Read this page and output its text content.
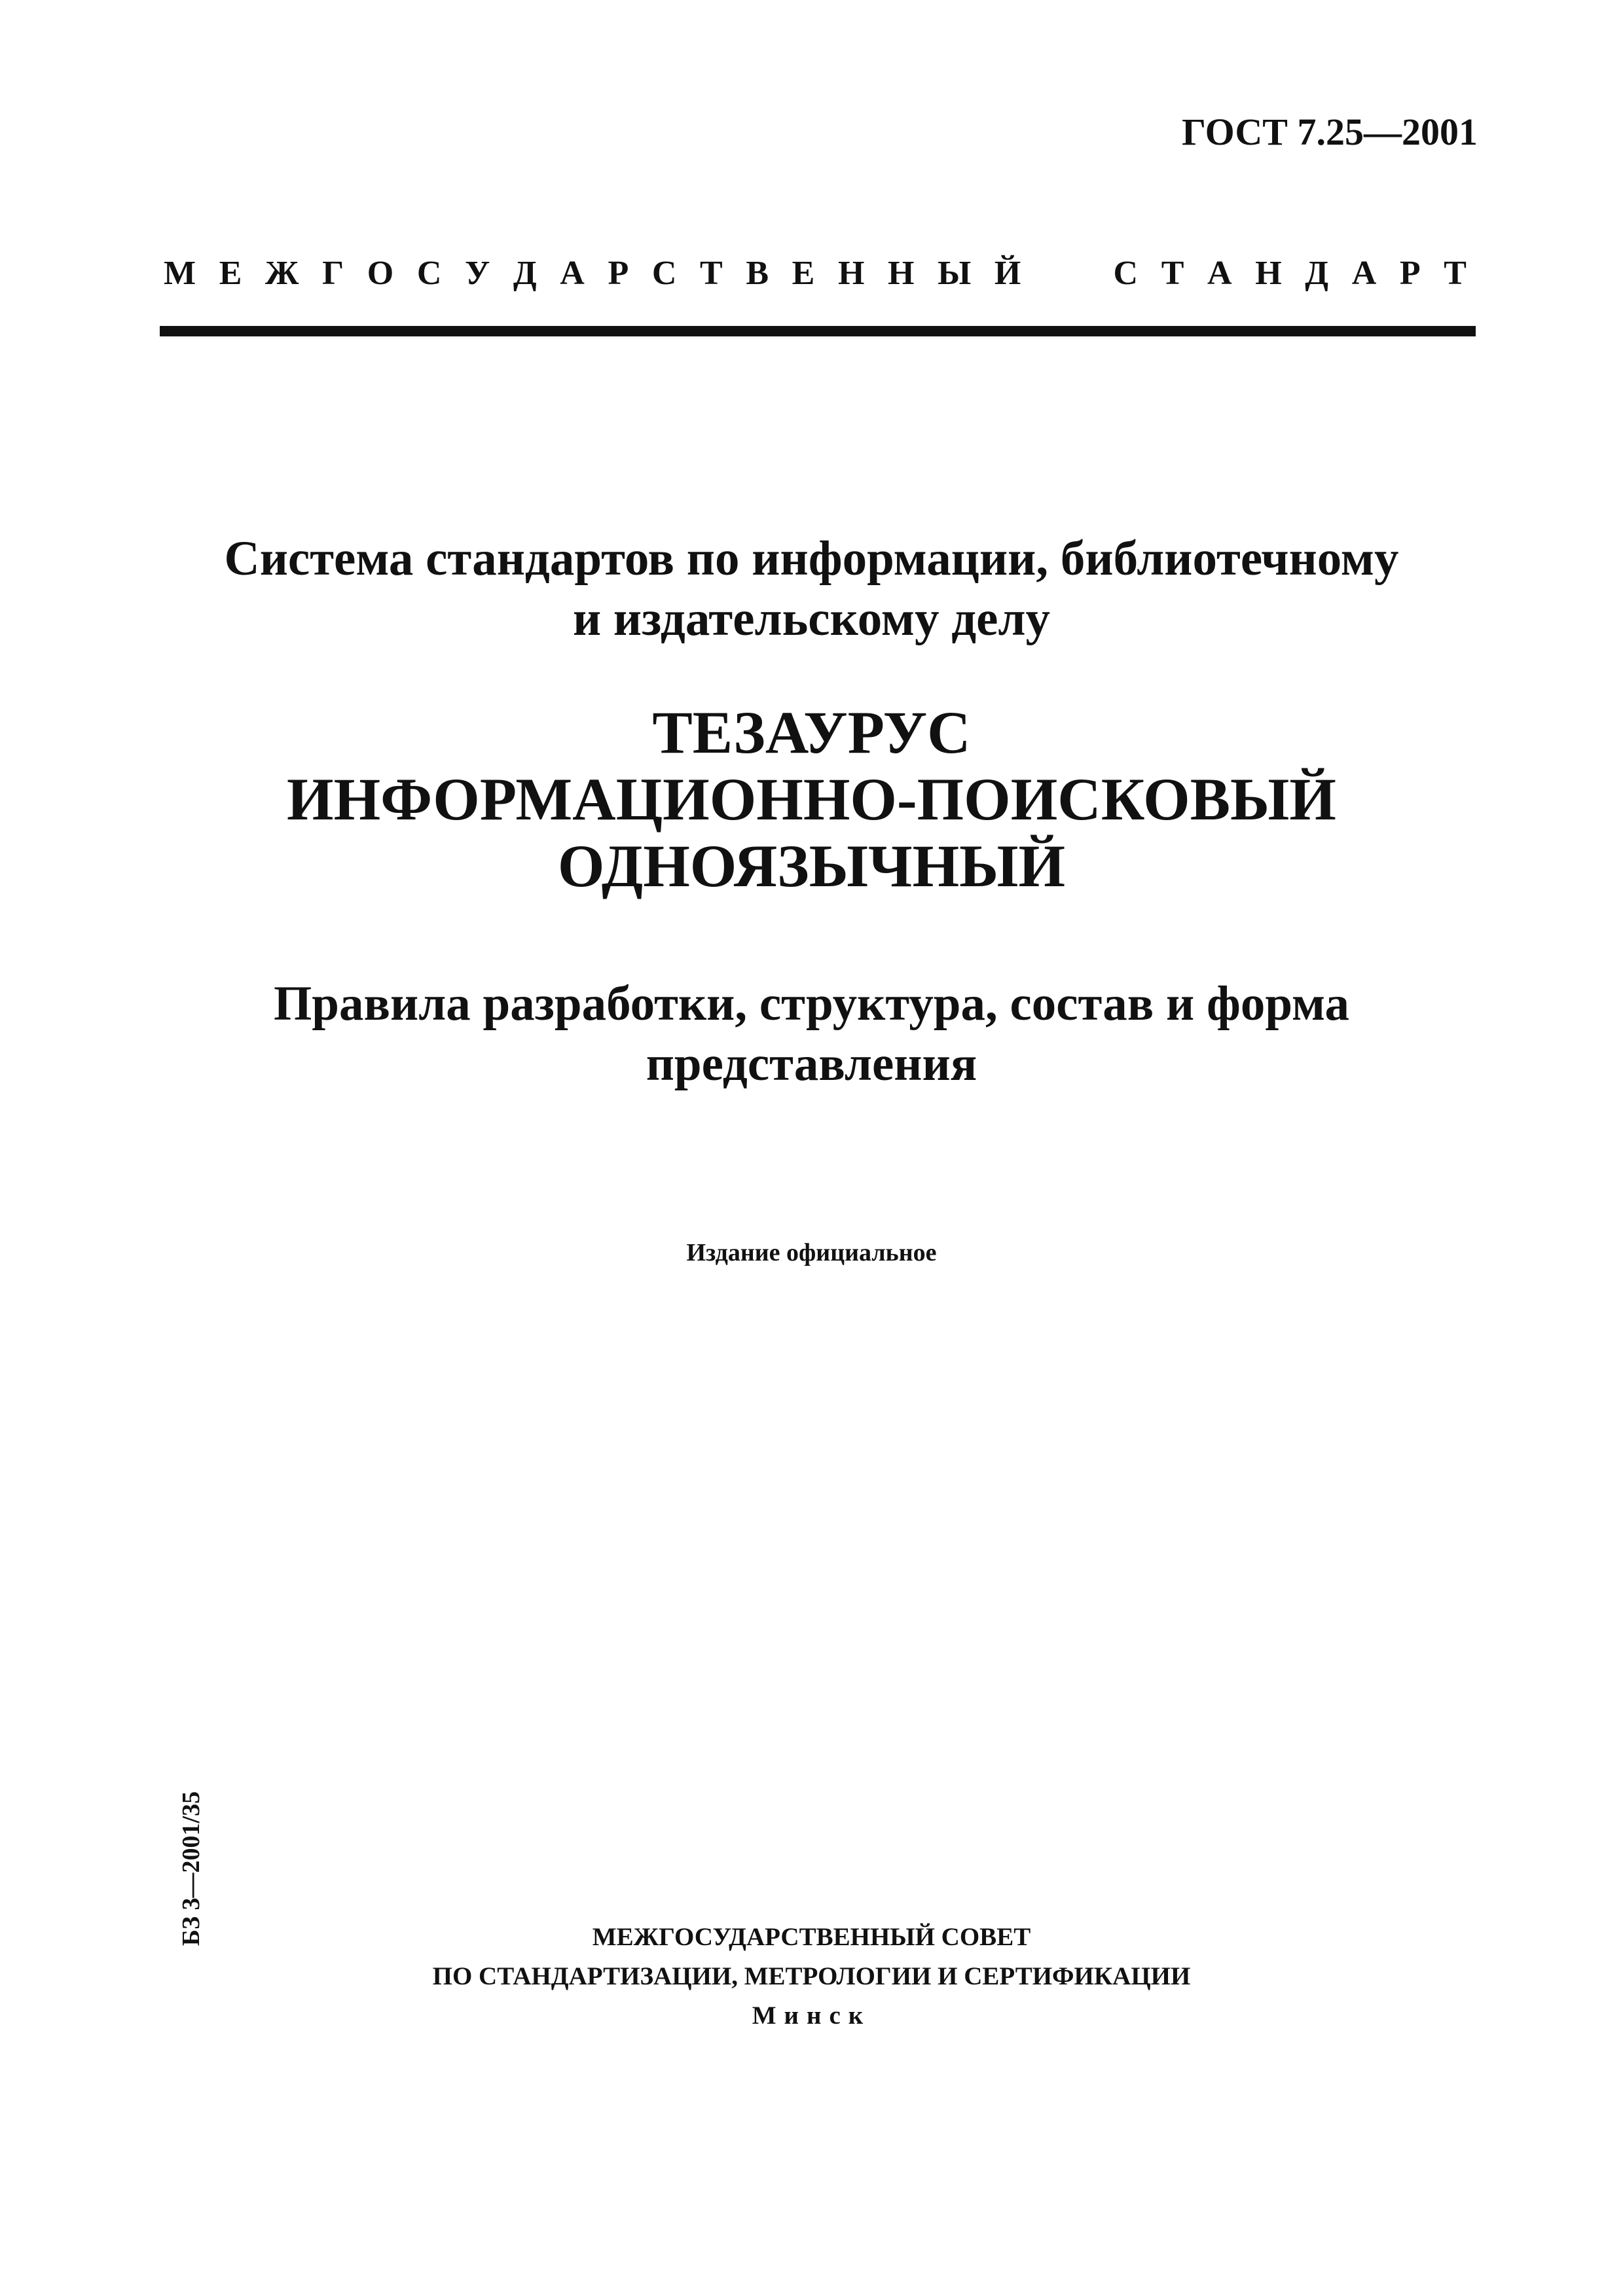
ГОСТ 7.25—2001
М Е Ж Г О С У Д А Р С Т В Е Н Н Ы Й	С Т А Н Д А Р Т
Система стандартов по информации, библиотечному
и издательскому делу
ТЕЗАУРУС
ИНФОРМАЦИОННО-ПОИСКОВЫЙ
ОДНОЯЗЫЧНЫЙ
Правила разработки, структура, состав и форма
представления
Издание официальное
БЗ 3—2001/35	МЕЖГОСУДАРСТВЕННЫЙ СОВЕТ
ПО СТАНДАРТИЗАЦИИ, МЕТРОЛОГИИ И СЕРТИФИКАЦИИ
Минск
